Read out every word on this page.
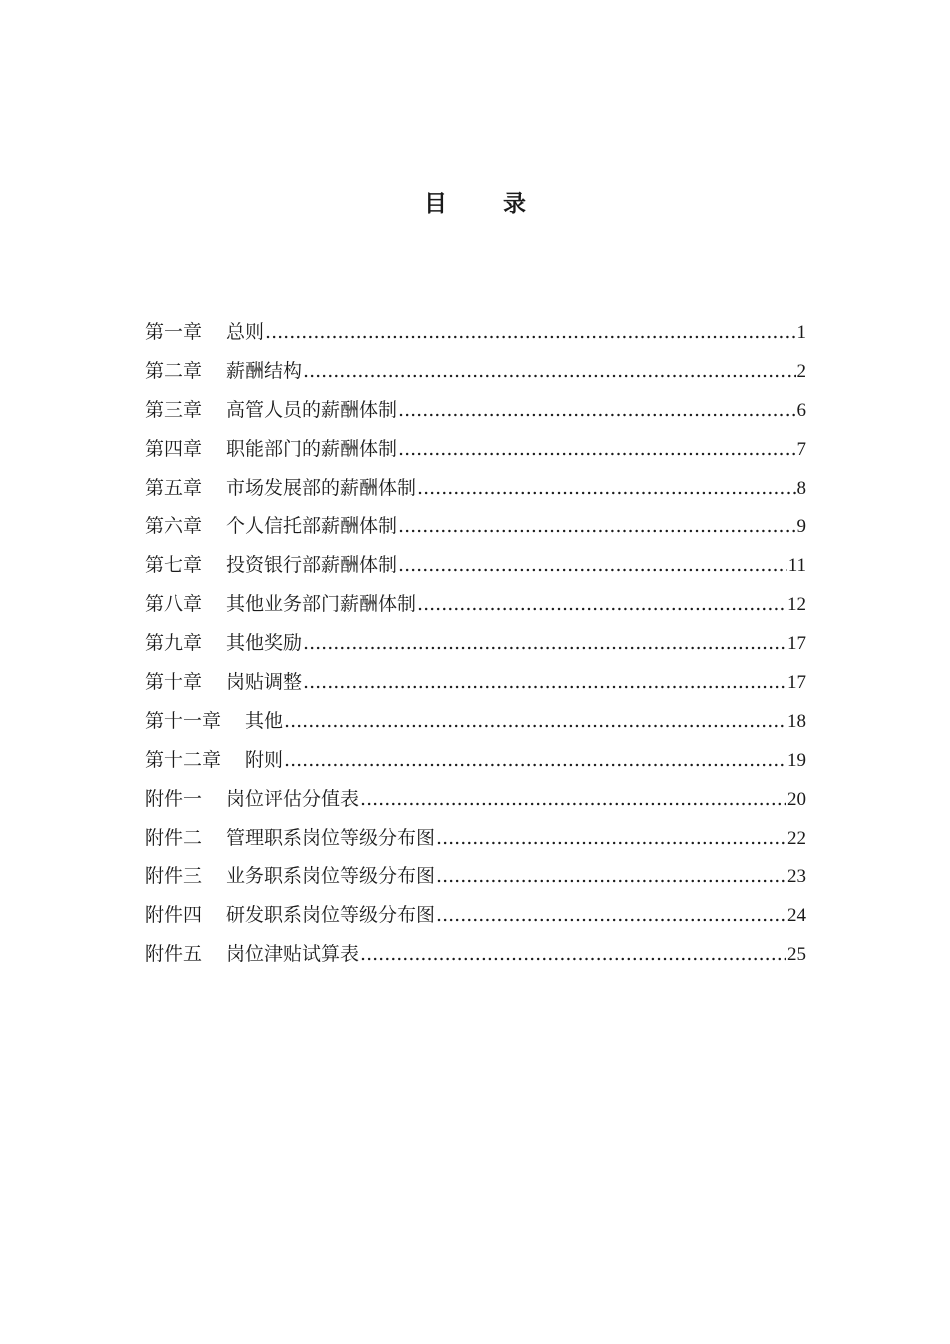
目 录
第一章 总则 .....	1
第二章 薪酬结构 .....	2
第三章 高管人员的薪酬体制 .....	6
第四章 职能部门的薪酬体制 .....	7
第五章 市场发展部的薪酬体制 .....	8
第六章 个人信托部薪酬体制 .....	9
第七章 投资银行部薪酬体制 .....	11
第八章 其他业务部门薪酬体制 .....	12
第九章 其他奖励 .....	17
第十章 岗贴调整 .....	17
第十一章 其他 .....	18
第十二章 附则 .....	19
附件一 岗位评估分值表 .....	20
附件二 管理职系岗位等级分布图 .....	22
附件三 业务职系岗位等级分布图 .....	23
附件四 研发职系岗位等级分布图 .....	24
附件五 岗位津贴试算表 .....	25
